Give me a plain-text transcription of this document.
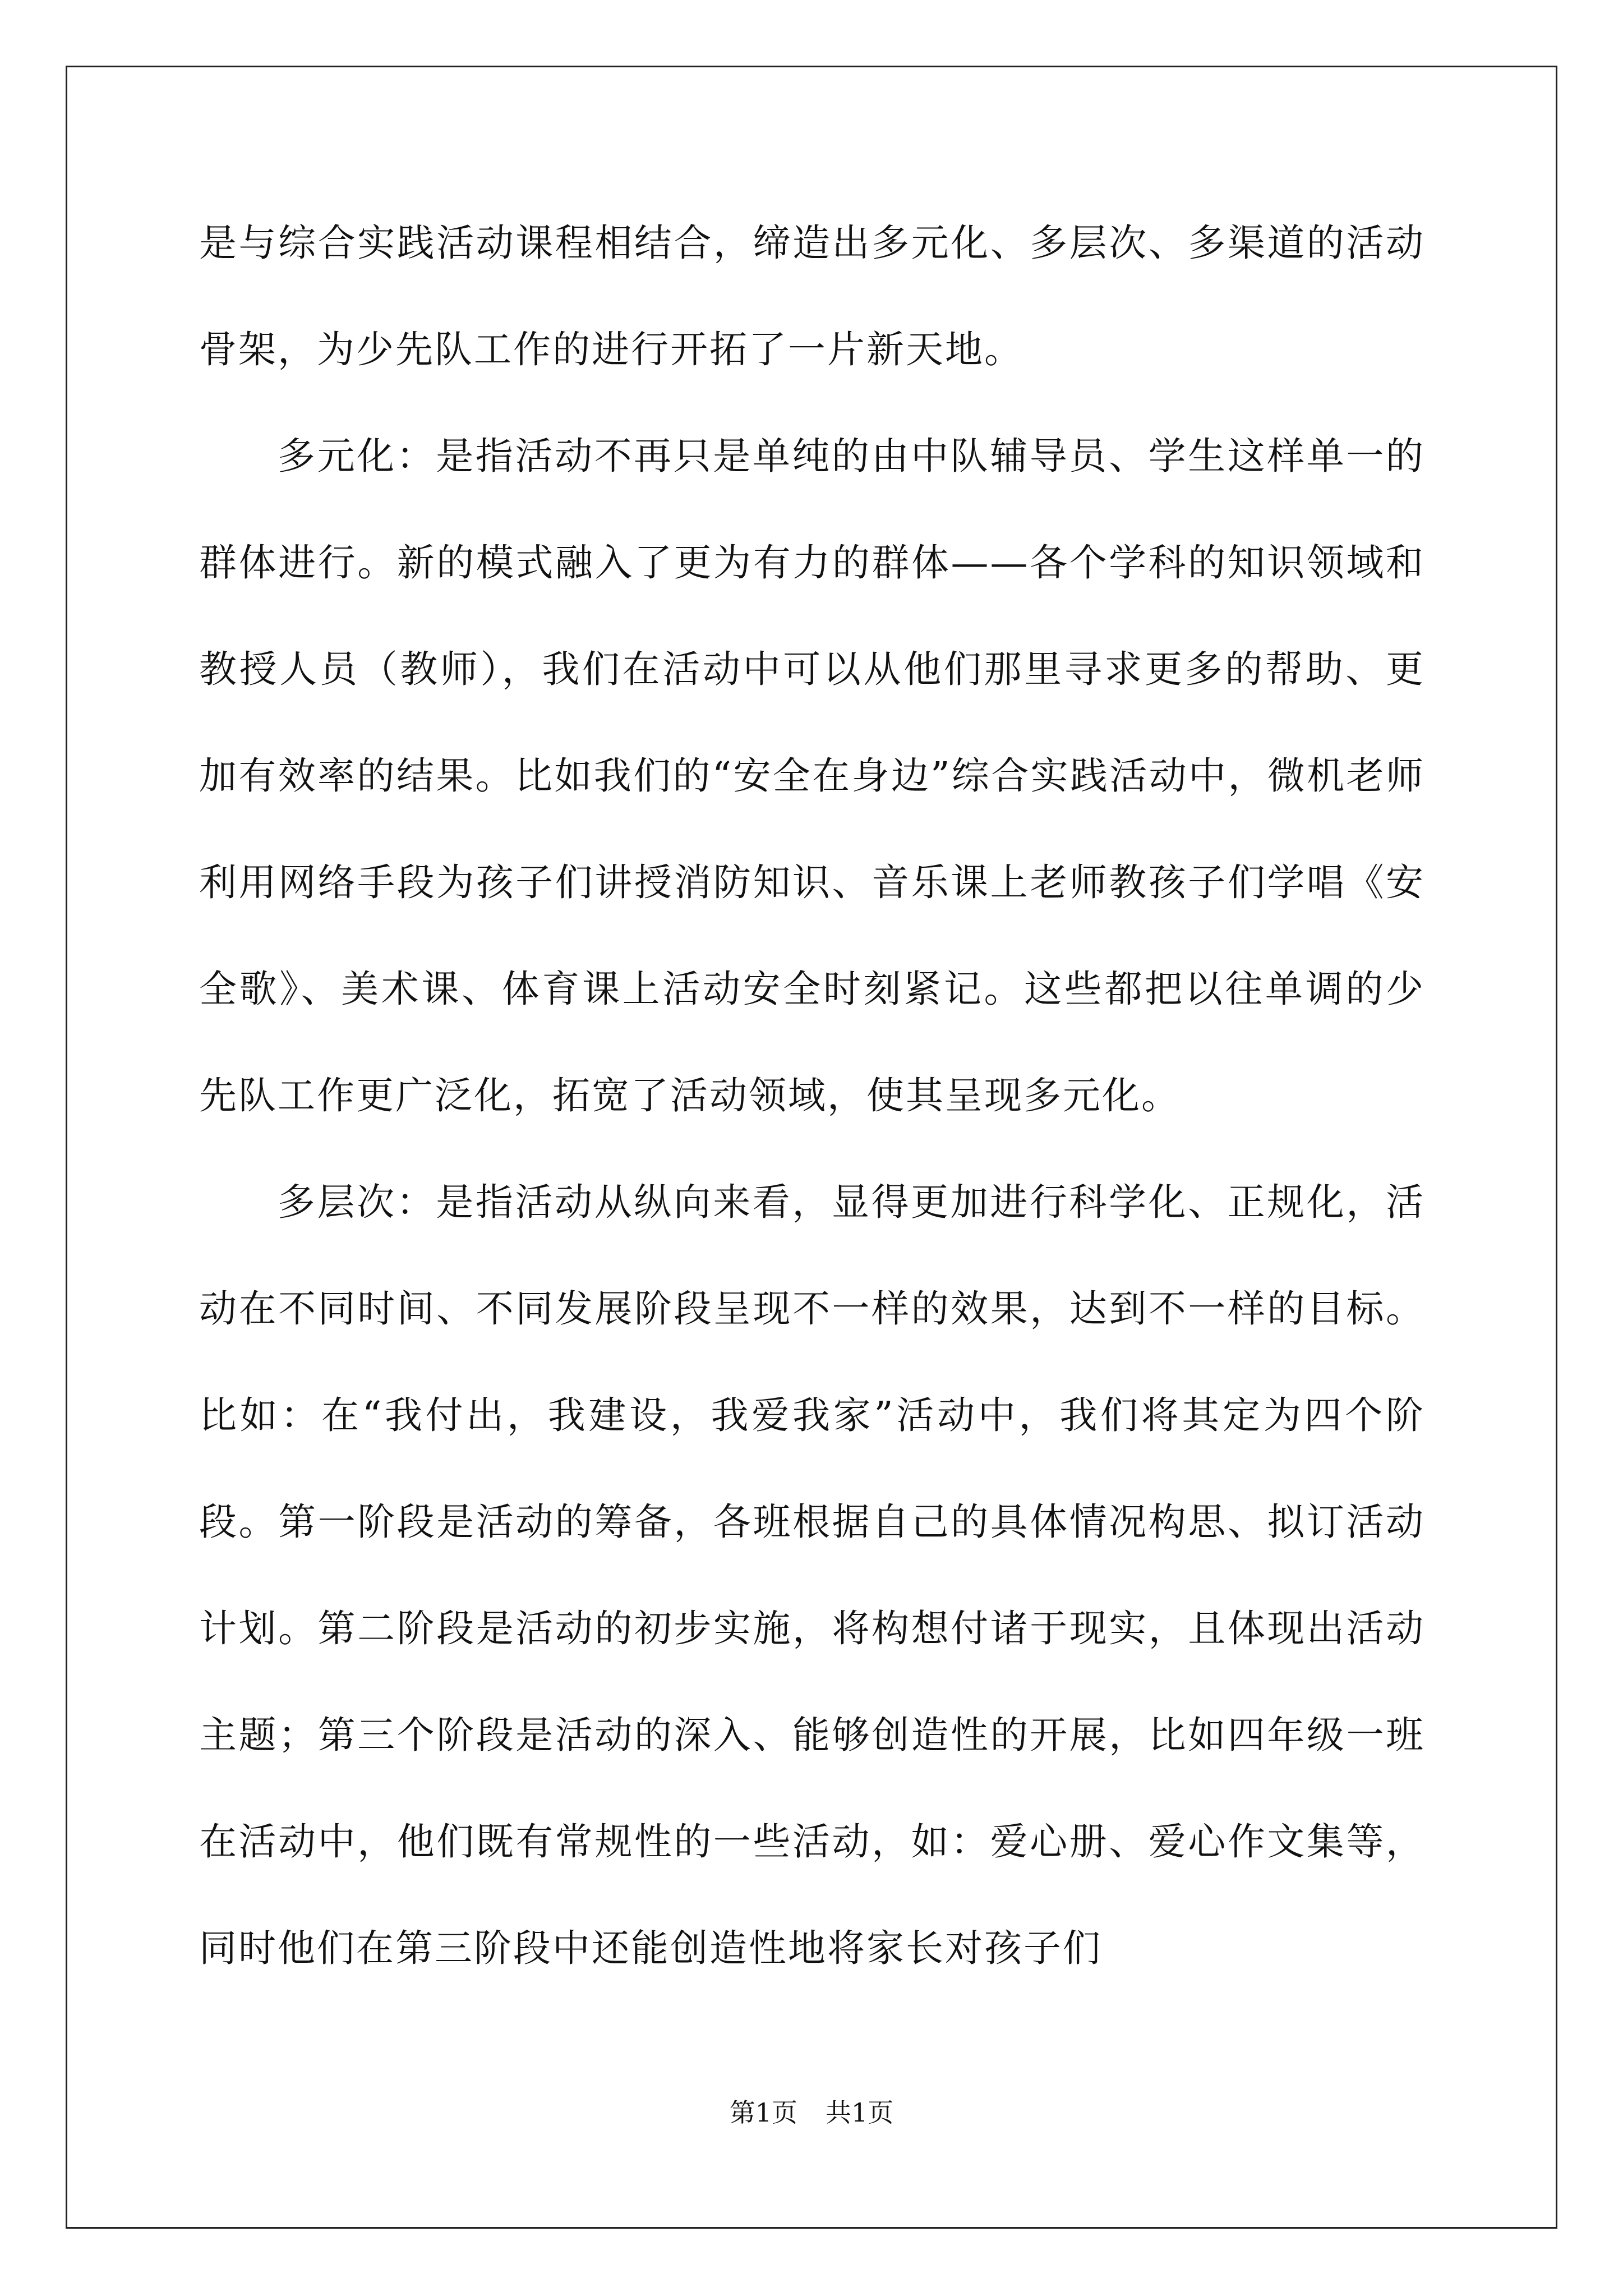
是与综合实践活动课程相结合，缔造出多元化、多层次、多渠道的活动骨架，为少先队工作的进行开拓了一片新天地。

多元化：是指活动不再只是单纯的由中队辅导员、学生这样单一的群体进行。新的模式融入了更为有力的群体——各个学科的知识领域和教授人员（教师），我们在活动中可以从他们那里寻求更多的帮助、更加有效率的结果。比如我们的“安全在身边”综合实践活动中，微机老师利用网络手段为孩子们讲授消防知识、音乐课上老师教孩子们学唱《安全歌》、美术课、体育课上活动安全时刻紧记。这些都把以往单调的少先队工作更广泛化，拓宽了活动领域，使其呈现多元化。

多层次：是指活动从纵向来看，显得更加进行科学化、正规化，活动在不同时间、不同发展阶段呈现不一样的效果，达到不一样的目标。比如：在“我付出，我建设，我爱我家”活动中，我们将其定为四个阶段。第一阶段是活动的筹备，各班根据自己的具体情况构思、拟订活动计划。第二阶段是活动的初步实施，将构想付诸于现实，且体现出活动主题；第三个阶段是活动的深入、能够创造性的开展，比如四年级一班在活动中，他们既有常规性的一些活动，如：爱心册、爱心作文集等，同时他们在第三阶段中还能创造性地将家长对孩子们

第1页 共1页
